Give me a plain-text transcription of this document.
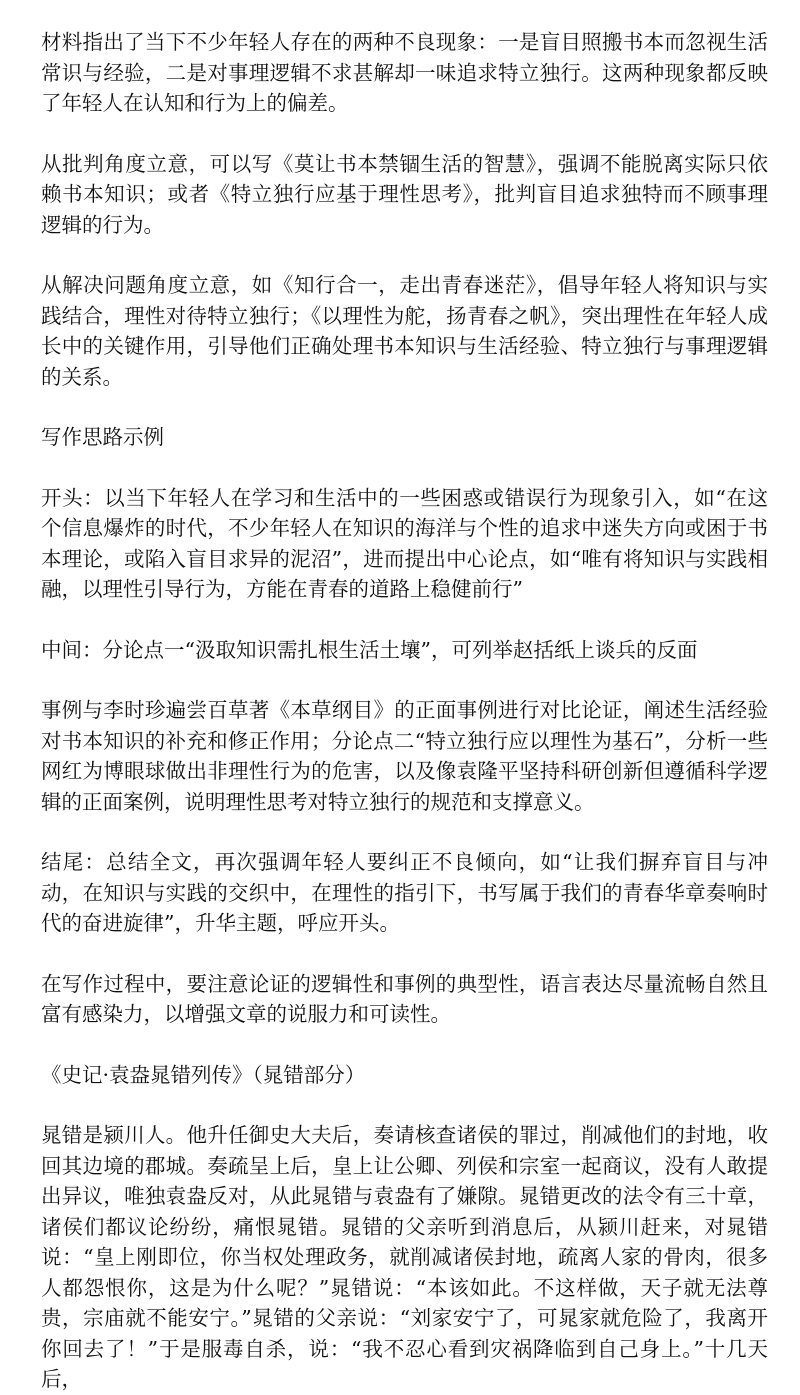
材料指出了当下不少年轻人存在的两种不良现象：一是盲目照搬书本而忽视生活常识与经验，二是对事理逻辑不求甚解却一味追求特立独行。这两种现象都反映了年轻人在认知和行为上的偏差。

从批判角度立意，可以写《莫让书本禁锢生活的智慧》，强调不能脱离实际只依赖书本知识；或者《特立独行应基于理性思考》，批判盲目追求独特而不顾事理逻辑的行为。

从解决问题角度立意，如《知行合一，走出青春迷茫》，倡导年轻人将知识与实践结合，理性对待特立独行；《以理性为舵，扬青春之帆》，突出理性在年轻人成长中的关键作用，引导他们正确处理书本知识与生活经验、特立独行与事理逻辑的关系。

写作思路示例

开头：以当下年轻人在学习和生活中的一些困惑或错误行为现象引入，如“在这个信息爆炸的时代，不少年轻人在知识的海洋与个性的追求中迷失方向或困于书本理论，或陷入盲目求异的泥沼”，进而提出中心论点，如“唯有将知识与实践相融，以理性引导行为，方能在青春的道路上稳健前行”

中间：分论点一“汲取知识需扎根生活土壤”，可列举赵括纸上谈兵的反面

事例与李时珍遍尝百草著《本草纲目》的正面事例进行对比论证，阐述生活经验对书本知识的补充和修正作用；分论点二“特立独行应以理性为基石”，分析一些网红为博眼球做出非理性行为的危害，以及像袁隆平坚持科研创新但遵循科学逻辑的正面案例，说明理性思考对特立独行的规范和支撑意义。

结尾：总结全文，再次强调年轻人要纠正不良倾向，如“让我们摒弃盲目与冲动，在知识与实践的交织中，在理性的指引下，书写属于我们的青春华章奏响时代的奋进旋律”，升华主题，呼应开头。

在写作过程中，要注意论证的逻辑性和事例的典型性，语言表达尽量流畅自然且富有感染力，以增强文章的说服力和可读性。

《史记·袁盎晁错列传》（晁错部分）

晁错是颍川人。他升任御史大夫后，奏请核查诸侯的罪过，削减他们的封地，收回其边境的郡城。奏疏呈上后，皇上让公卿、列侯和宗室一起商议，没有人敢提出异议，唯独袁盎反对，从此晁错与袁盎有了嫌隙。晁错更改的法令有三十章，诸侯们都议论纷纷，痛恨晁错。晁错的父亲听到消息后，从颍川赶来，对晁错说：“皇上刚即位，你当权处理政务，就削减诸侯封地，疏离人家的骨肉，很多人都怨恨你，这是为什么呢？”晁错说：“本该如此。不这样做，天子就无法尊贵，宗庙就不能安宁。”晁错的父亲说：“刘家安宁了，可晁家就危险了，我离开你回去了！”于是服毒自杀，说：“我不忍心看到灾祸降临到自己身上。”十几天后，
